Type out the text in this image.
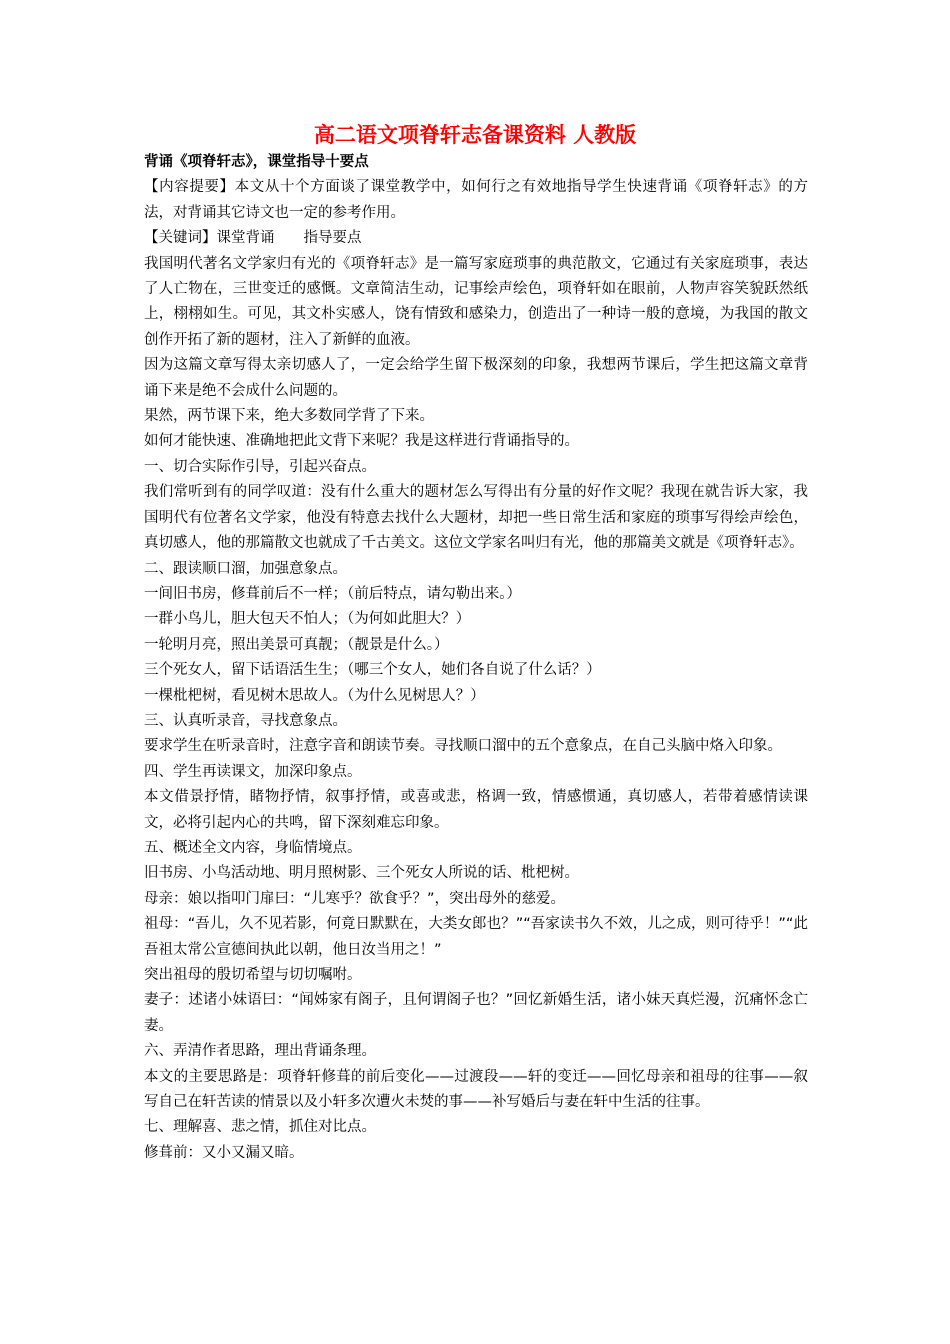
高二语文项脊轩志备课资料 人教版

背诵《项脊轩志》，课堂指导十要点

【内容提要】本文从十个方面谈了课堂教学中，如何行之有效地指导学生快速背诵《项脊轩志》的方法，对背诵其它诗文也一定的参考作用。

【关键词】课堂背诵　　指导要点

我国明代著名文学家归有光的《项脊轩志》是一篇写家庭琐事的典范散文，它通过有关家庭琐事，表达了人亡物在，三世变迁的感慨。文章简洁生动，记事绘声绘色，项脊轩如在眼前，人物声容笑貌跃然纸上，栩栩如生。可见，其文朴实感人，饶有情致和感染力，创造出了一种诗一般的意境，为我国的散文创作开拓了新的题材，注入了新鲜的血液。

因为这篇文章写得太亲切感人了，一定会给学生留下极深刻的印象，我想两节课后，学生把这篇文章背诵下来是绝不会成什么问题的。

果然，两节课下来，绝大多数同学背了下来。

如何才能快速、准确地把此文背下来呢？我是这样进行背诵指导的。

一、切合实际作引导，引起兴奋点。

我们常听到有的同学叹道：没有什么重大的题材怎么写得出有分量的好作文呢？我现在就告诉大家，我国明代有位著名文学家，他没有特意去找什么大题材，却把一些日常生活和家庭的琐事写得绘声绘色，真切感人，他的那篇散文也就成了千古美文。这位文学家名叫归有光，他的那篇美文就是《项脊轩志》。

二、跟读顺口溜，加强意象点。

一间旧书房，修葺前后不一样；（前后特点，请勾勒出来。）

一群小鸟儿，胆大包天不怕人；（为何如此胆大？）

一轮明月亮，照出美景可真靓；（靓景是什么。）

三个死女人，留下话语活生生；（哪三个女人，她们各自说了什么话？）

一棵枇杷树，看见树木思故人。（为什么见树思人？）

三、认真听录音，寻找意象点。

要求学生在听录音时，注意字音和朗读节奏。寻找顺口溜中的五个意象点，在自己头脑中烙入印象。

四、学生再读课文，加深印象点。

本文借景抒情，睹物抒情，叙事抒情，或喜或悲，格调一致，情感惯通，真切感人，若带着感情读课文，必将引起内心的共鸣，留下深刻难忘印象。

五、概述全文内容，身临情境点。

旧书房、小鸟活动地、明月照树影、三个死女人所说的话、枇杷树。

母亲：娘以指叩门扉曰：“儿寒乎？欲食乎？”，突出母外的慈爱。

祖母：“吾儿，久不见若影，何竟日默默在，大类女郎也？”“吾家读书久不效，儿之成，则可待乎！”“此吾祖太常公宣德间执此以朝，他日汝当用之！”

突出祖母的殷切希望与切切嘱咐。

妻子：述诸小妹语曰：“闻姊家有阁子，且何谓阁子也？”回忆新婚生活，诸小妹天真烂漫，沉痛怀念亡妻。

六、弄清作者思路，理出背诵条理。

本文的主要思路是：项脊轩修葺的前后变化——过渡段——轩的变迁——回忆母亲和祖母的往事——叙写自己在轩苦读的情景以及小轩多次遭火未焚的事——补写婚后与妻在轩中生活的往事。

七、理解喜、悲之情，抓住对比点。

修葺前：又小又漏又暗。
